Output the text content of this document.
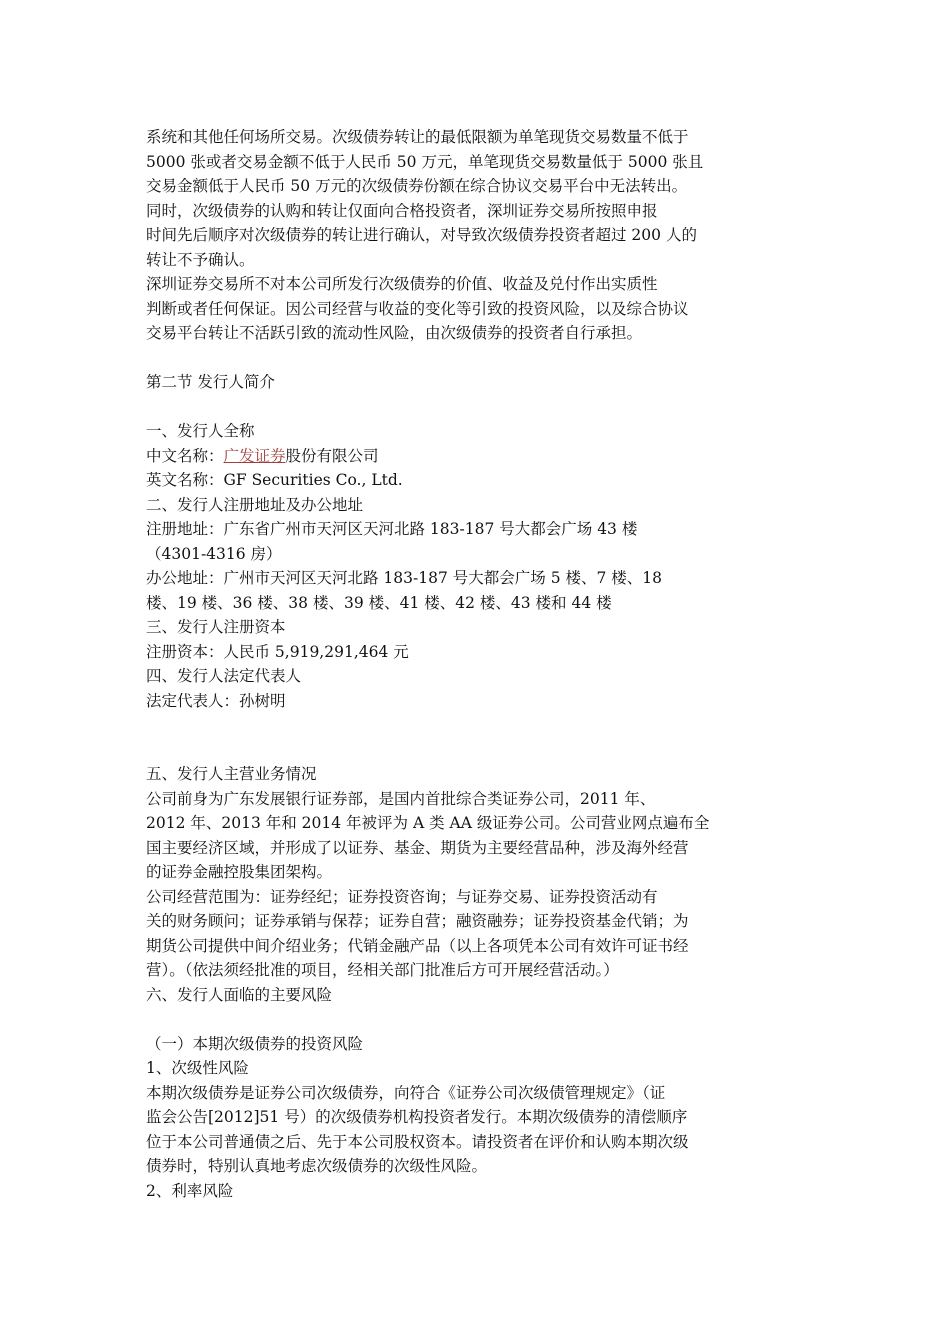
系统和其他任何场所交易。次级债券转让的最低限额为单笔现货交易数量不低于
5000 张或者交易金额不低于人民币 50 万元，单笔现货交易数量低于 5000 张且
交易金额低于人民币 50 万元的次级债券份额在综合协议交易平台中无法转出。
同时，次级债券的认购和转让仅面向合格投资者，深圳证券交易所按照申报
时间先后顺序对次级债券的转让进行确认，对导致次级债券投资者超过 200 人的
转让不予确认。
深圳证券交易所不对本公司所发行次级债券的价值、收益及兑付作出实质性
判断或者任何保证。因公司经营与收益的变化等引致的投资风险，以及综合协议
交易平台转让不活跃引致的流动性风险，由次级债券的投资者自行承担。
第二节 发行人简介
一、发行人全称
中文名称：广发证券股份有限公司
英文名称：GF Securities Co., Ltd.
二、发行人注册地址及办公地址
注册地址：广东省广州市天河区天河北路 183-187 号大都会广场 43 楼
（4301-4316 房）
办公地址：广州市天河区天河北路 183-187 号大都会广场 5 楼、7 楼、18
楼、19 楼、36 楼、38 楼、39 楼、41 楼、42 楼、43 楼和 44 楼
三、发行人注册资本
注册资本：人民币 5,919,291,464 元
四、发行人法定代表人
法定代表人：孙树明
五、发行人主营业务情况
公司前身为广东发展银行证券部，是国内首批综合类证券公司，2011 年、
2012 年、2013 年和 2014 年被评为 A 类 AA 级证券公司。公司营业网点遍布全
国主要经济区域，并形成了以证券、基金、期货为主要经营品种，涉及海外经营
的证券金融控股集团架构。
公司经营范围为：证券经纪；证券投资咨询；与证券交易、证券投资活动有
关的财务顾问；证券承销与保荐；证券自营；融资融券；证券投资基金代销；为
期货公司提供中间介绍业务；代销金融产品（以上各项凭本公司有效许可证书经
营）。（依法须经批准的项目，经相关部门批准后方可开展经营活动。）
六、发行人面临的主要风险
（一）本期次级债券的投资风险
1、次级性风险
本期次级债券是证券公司次级债券，向符合《证券公司次级债管理规定》（证
监会公告[2012]51 号）的次级债券机构投资者发行。本期次级债券的清偿顺序
位于本公司普通债之后、先于本公司股权资本。请投资者在评价和认购本期次级
债券时，特别认真地考虑次级债券的次级性风险。
2、利率风险
